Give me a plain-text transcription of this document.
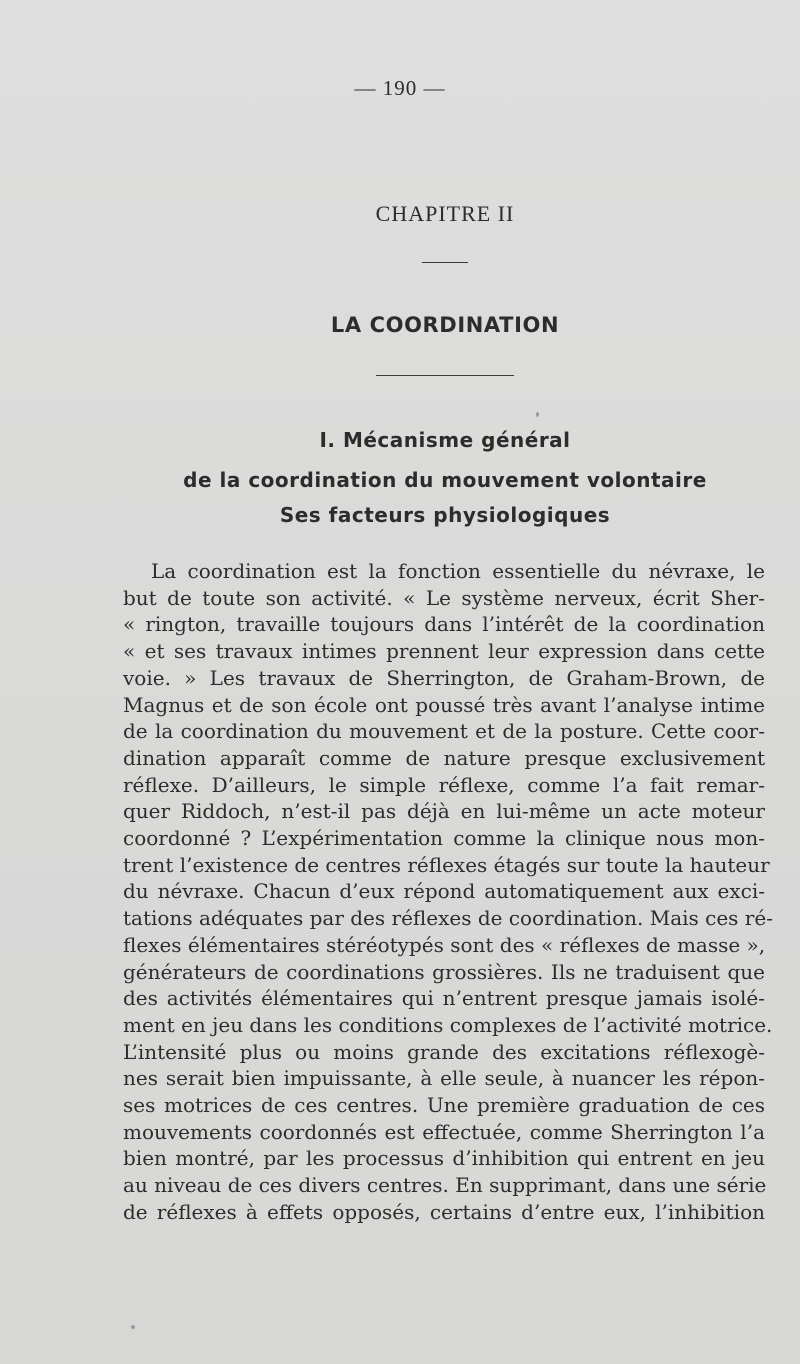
— 190 —
CHAPITRE II
LA COORDINATION
I. Mécanisme général
de la coordination du mouvement volontaire
Ses facteurs physiologiques
La coordination est la fonction essentielle du névraxe, le
but de toute son activité. « Le système nerveux, écrit Sher-
« rington, travaille toujours dans l’intérêt de la coordination
« et ses travaux intimes prennent leur expression dans cette
voie. » Les travaux de Sherrington, de Graham-Brown, de
Magnus et de son école ont poussé très avant l’analyse intime
de la coordination du mouvement et de la posture. Cette coor-
dination apparaît comme de nature presque exclusivement
réflexe. D’ailleurs, le simple réflexe, comme l’a fait remar-
quer Riddoch, n’est-il pas déjà en lui-même un acte moteur
coordonné ? L’expérimentation comme la clinique nous mon-
trent l’existence de centres réflexes étagés sur toute la hauteur
du névraxe. Chacun d’eux répond automatiquement aux exci-
tations adéquates par des réflexes de coordination. Mais ces ré-
flexes élémentaires stéréotypés sont des « réflexes de masse »,
générateurs de coordinations grossières. Ils ne traduisent que
des activités élémentaires qui n’entrent presque jamais isolé-
ment en jeu dans les conditions complexes de l’activité motrice.
L’intensité plus ou moins grande des excitations réflexogè-
nes serait bien impuissante, à elle seule, à nuancer les répon-
ses motrices de ces centres. Une première graduation de ces
mouvements coordonnés est effectuée, comme Sherrington l’a
bien montré, par les processus d’inhibition qui entrent en jeu
au niveau de ces divers centres. En supprimant, dans une série
de réflexes à effets opposés, certains d’entre eux, l’inhibition
